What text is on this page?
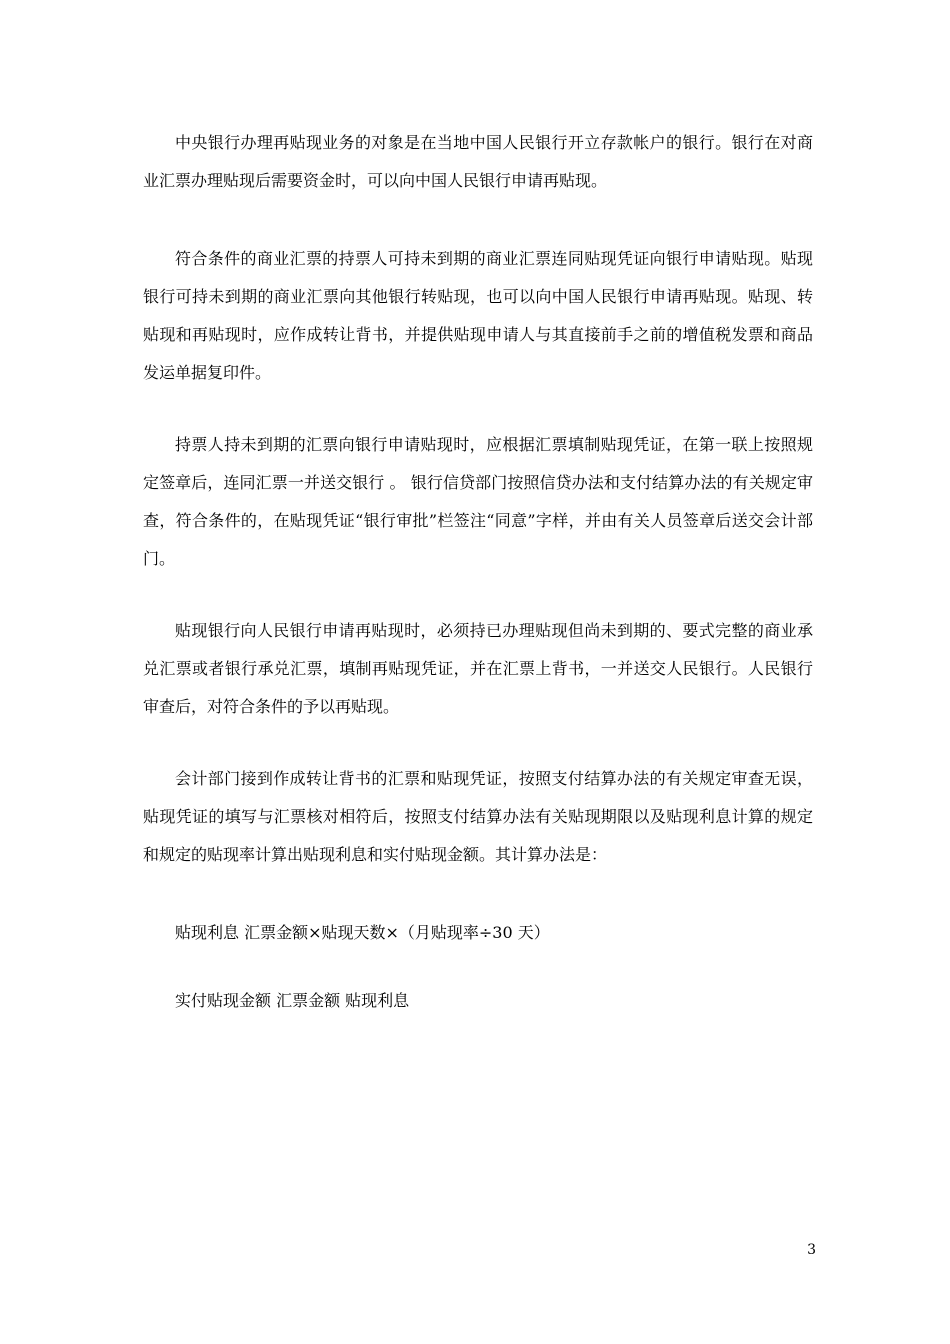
中央银行办理再贴现业务的对象是在当地中国人民银行开立存款帐户的银行。银行在对商业汇票办理贴现后需要资金时，可以向中国人民银行申请再贴现。

符合条件的商业汇票的持票人可持未到期的商业汇票连同贴现凭证向银行申请贴现。贴现银行可持未到期的商业汇票向其他银行转贴现，也可以向中国人民银行申请再贴现。贴现、转贴现和再贴现时，应作成转让背书，并提供贴现申请人与其直接前手之前的增值税发票和商品发运单据复印件。

持票人持未到期的汇票向银行申请贴现时，应根据汇票填制贴现凭证，在第一联上按照规定签章后，连同汇票一并送交银行 。 银行信贷部门按照信贷办法和支付结算办法的有关规定审查，符合条件的，在贴现凭证“银行审批”栏签注“同意”字样，并由有关人员签章后送交会计部门。

贴现银行向人民银行申请再贴现时，必须持已办理贴现但尚未到期的、要式完整的商业承兑汇票或者银行承兑汇票，填制再贴现凭证，并在汇票上背书，一并送交人民银行。人民银行审查后，对符合条件的予以再贴现。

会计部门接到作成转让背书的汇票和贴现凭证，按照支付结算办法的有关规定审查无误，贴现凭证的填写与汇票核对相符后，按照支付结算办法有关贴现期限以及贴现利息计算的规定和规定的贴现率计算出贴现利息和实付贴现金额。其计算办法是：

贴现利息 汇票金额×贴现天数×（月贴现率÷30 天）

实付贴现金额 汇票金额 贴现利息

3
